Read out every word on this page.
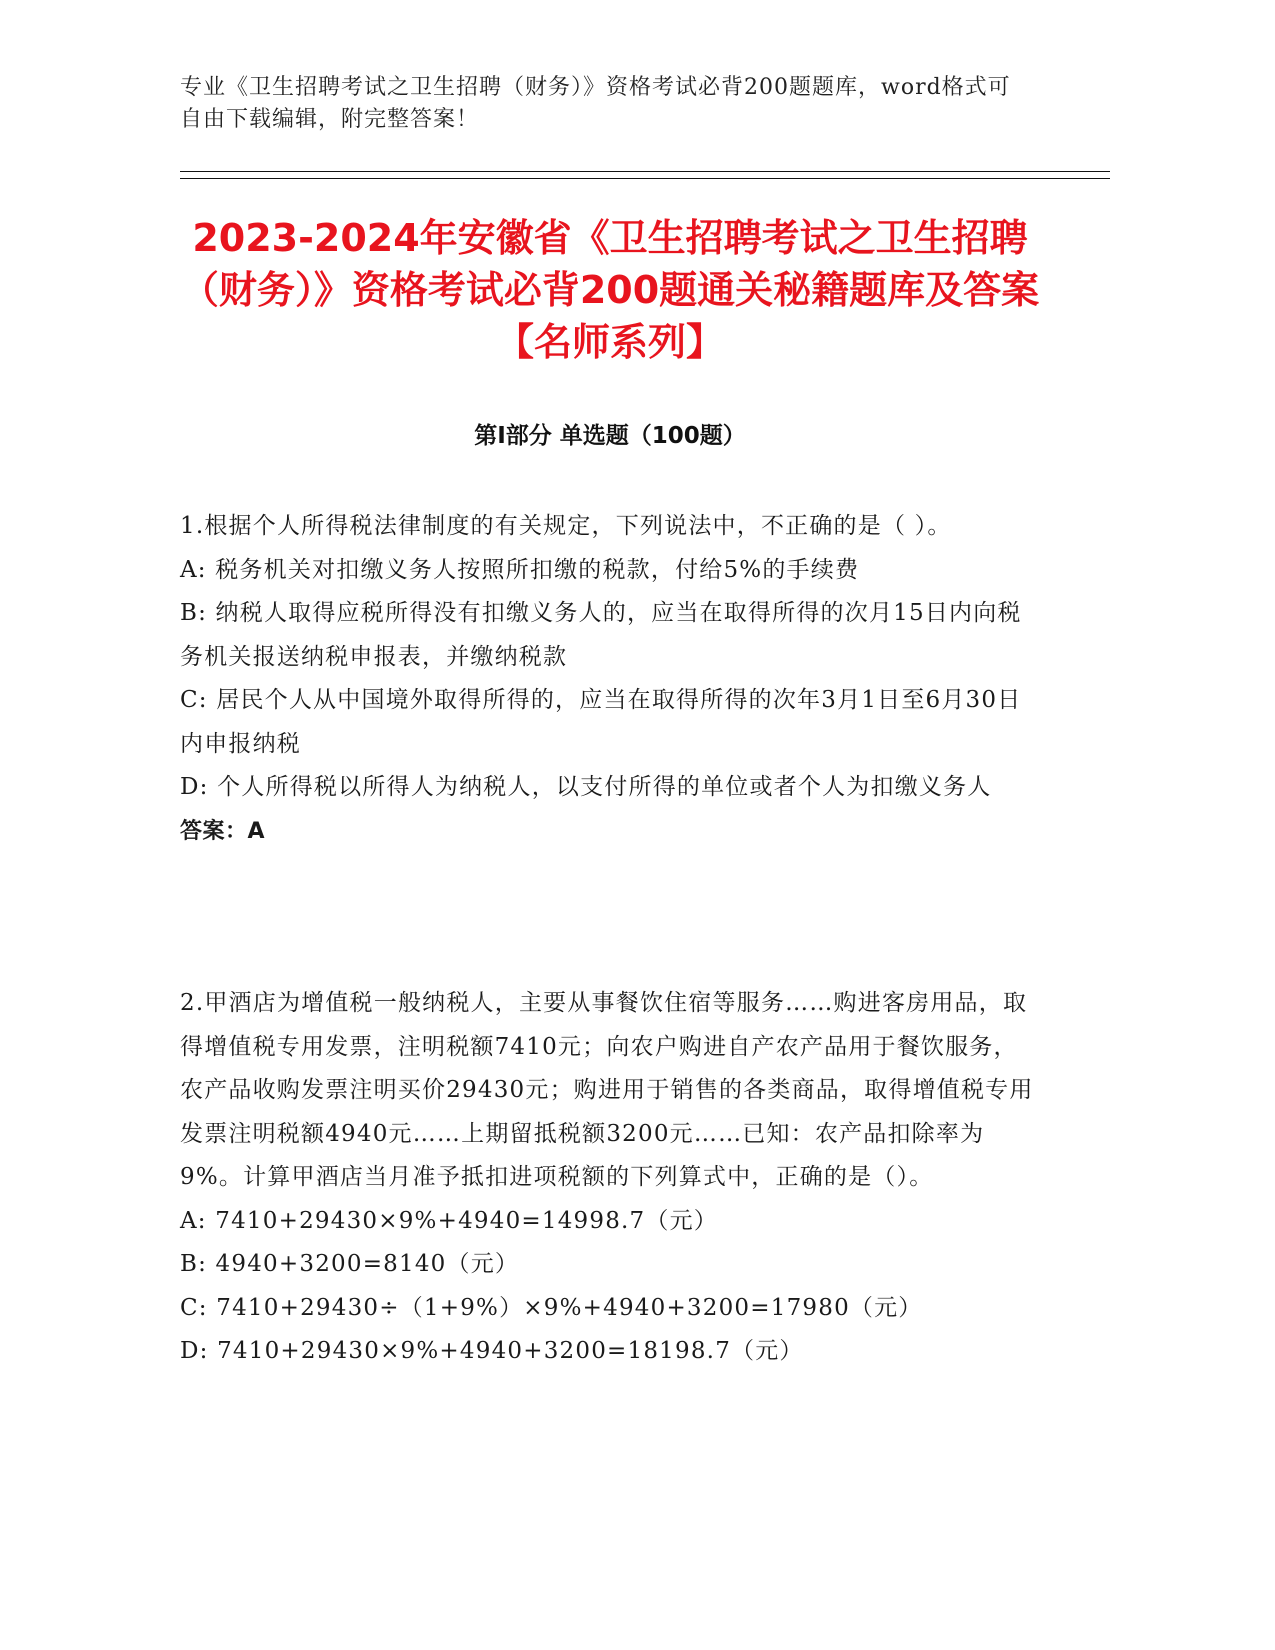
专业《卫生招聘考试之卫生招聘（财务）》资格考试必背200题题库，word格式可自由下载编辑，附完整答案！
2023-2024年安徽省《卫生招聘考试之卫生招聘（财务）》资格考试必背200题通关秘籍题库及答案【名师系列】
第Ⅰ部分 单选题（100题）
1.根据个人所得税法律制度的有关规定，下列说法中，不正确的是（ ）。
A: 税务机关对扣缴义务人按照所扣缴的税款，付给5%的手续费
B: 纳税人取得应税所得没有扣缴义务人的，应当在取得所得的次月15日内向税务机关报送纳税申报表，并缴纳税款
C: 居民个人从中国境外取得所得的，应当在取得所得的次年3月1日至6月30日内申报纳税
D: 个人所得税以所得人为纳税人，以支付所得的单位或者个人为扣缴义务人
答案：A
2.甲酒店为增值税一般纳税人，主要从事餐饮住宿等服务……购进客房用品，取得增值税专用发票，注明税额7410元；向农户购进自产农产品用于餐饮服务，农产品收购发票注明买价29430元；购进用于销售的各类商品，取得增值税专用发票注明税额4940元……上期留抵税额3200元……已知：农产品扣除率为9%。计算甲酒店当月准予抵扣进项税额的下列算式中，正确的是（）。
A: 7410+29430×9%+4940=14998.7（元）
B: 4940+3200=8140（元）
C: 7410+29430÷（1+9%）×9%+4940+3200=17980（元）
D: 7410+29430×9%+4940+3200=18198.7（元）
